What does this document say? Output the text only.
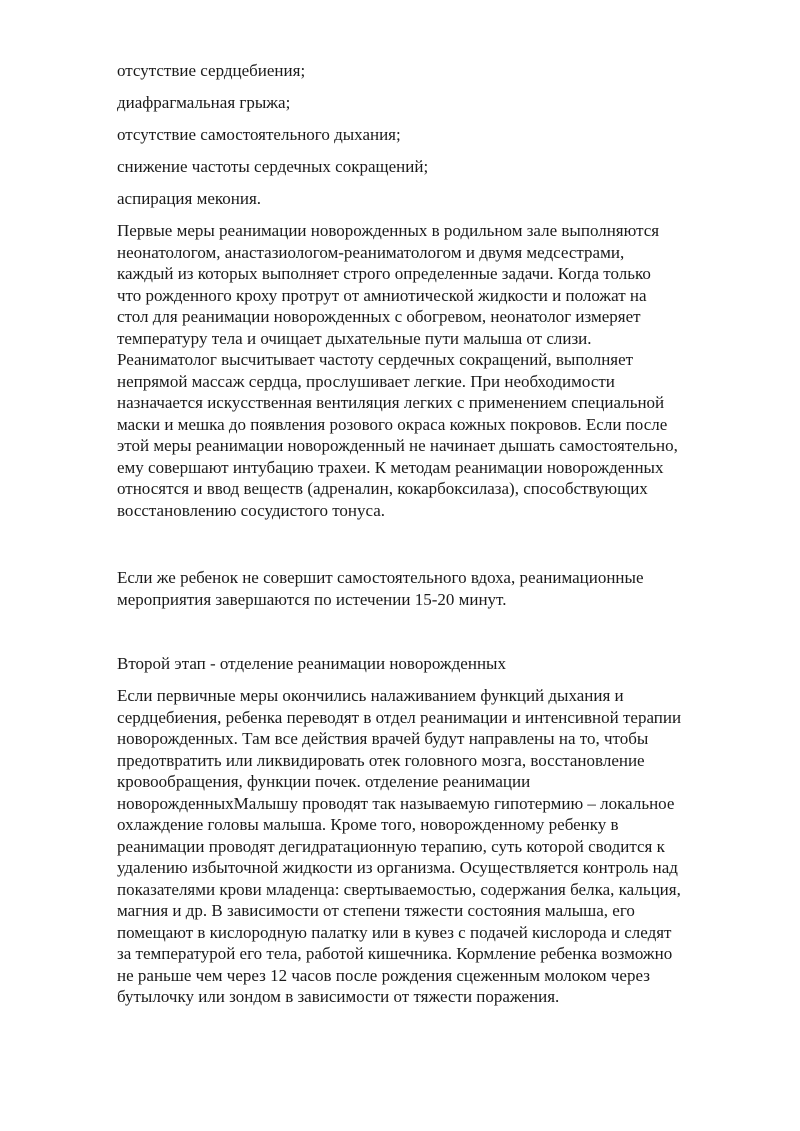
отсутствие сердцебиения;

диафрагмальная грыжа;

отсутствие самостоятельного дыхания;

снижение частоты сердечных сокращений;

аспирация мекония.

Первые меры реанимации новорожденных в родильном зале выполняются
неонатологом, анастазиологом-реаниматологом и двумя медсестрами,
каждый из которых выполняет строго определенные задачи. Когда только
что рожденного кроху протрут от амниотической жидкости и положат на
стол для реанимации новорожденных с обогревом, неонатолог измеряет
температуру тела и очищает дыхательные пути малыша от слизи.
Реаниматолог высчитывает частоту сердечных сокращений, выполняет
непрямой массаж сердца, прослушивает легкие. При необходимости
назначается искусственная вентиляция легких с применением специальной
маски и мешка до появления розового окраса кожных покровов. Если после
этой меры реанимации новорожденный не начинает дышать самостоятельно,
ему совершают интубацию трахеи. К методам реанимации новорожденных
относятся и ввод веществ (адреналин, кокарбоксилаза), способствующих
восстановлению сосудистого тонуса.
Если же ребенок не совершит самостоятельного вдоха, реанимационные
мероприятия завершаются по истечении 15-20 минут.

Второй этап - отделение реанимации новорожденных

Если первичные меры окончились налаживанием функций дыхания и
сердцебиения, ребенка переводят в отдел реанимации и интенсивной терапии
новорожденных. Там все действия врачей будут направлены на то, чтобы
предотвратить или ликвидировать отек головного мозга, восстановление
кровообращения, функции почек. отделение реанимации
новорожденныхМалышу проводят так называемую гипотермию – локальное
охлаждение головы малыша. Кроме того, новорожденному ребенку в
реанимации проводят дегидратационную терапию, суть которой сводится к
удалению избыточной жидкости из организма. Осуществляется контроль над
показателями крови младенца: свертываемостью, содержания белка, кальция,
магния и др. В зависимости от степени тяжести состояния малыша, его
помещают в кислородную палатку или в кувез с подачей кислорода и следят
за температурой его тела, работой кишечника. Кормление ребенка возможно
не раньше чем через 12 часов после рождения сцеженным молоком через
бутылочку или зондом в зависимости от тяжести поражения.
